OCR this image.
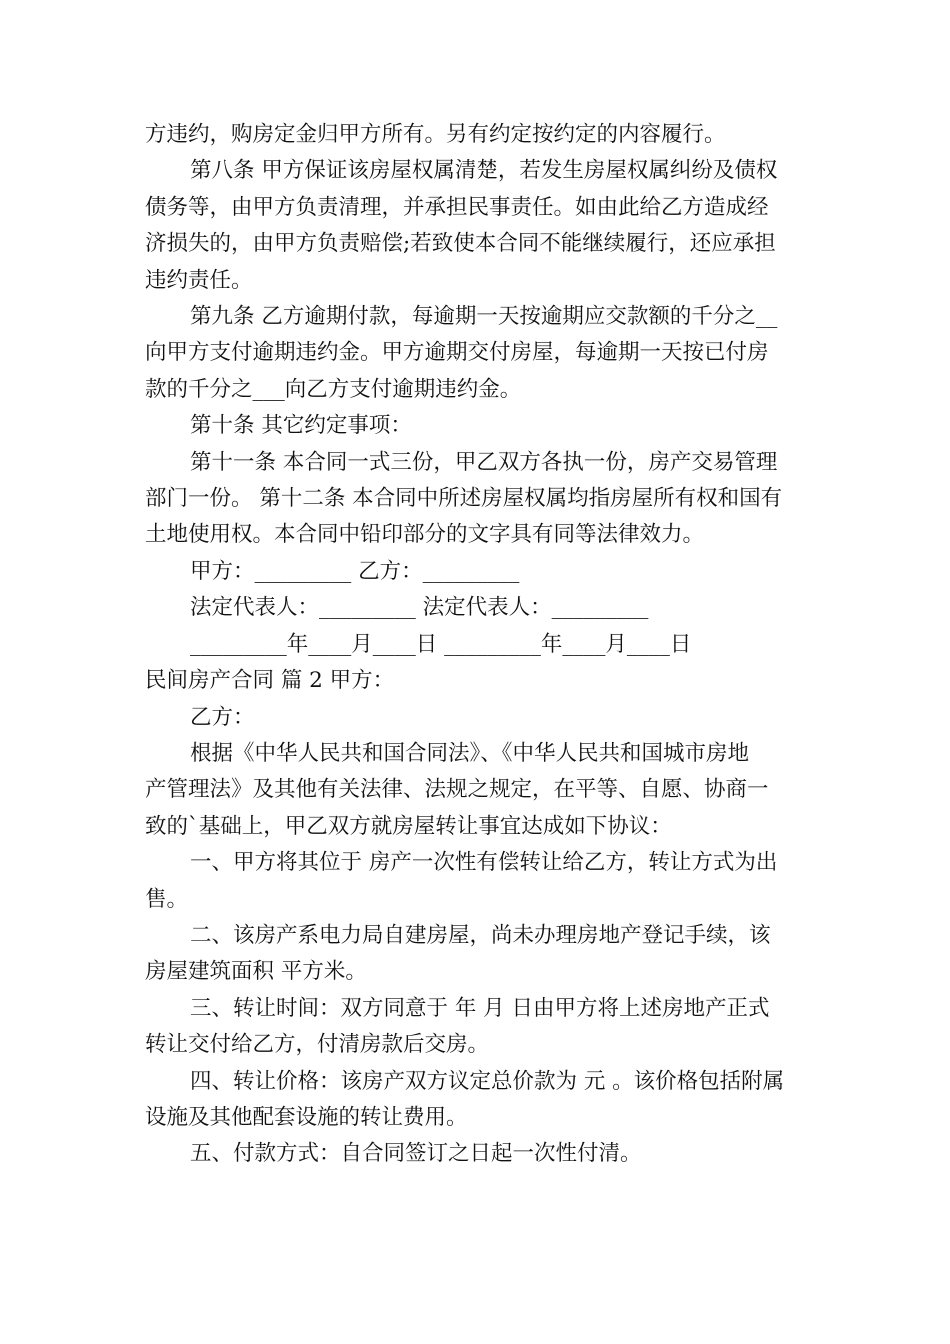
方违约，购房定金归甲方所有。另有约定按约定的内容履行。
第八条 甲方保证该房屋权属清楚，若发生房屋权属纠纷及债权
债务等，由甲方负责清理，并承担民事责任。如由此给乙方造成经
济损失的，由甲方负责赔偿;若致使本合同不能继续履行，还应承担
违约责任。
第九条 乙方逾期付款，每逾期一天按逾期应交款额的千分之__
向甲方支付逾期违约金。甲方逾期交付房屋，每逾期一天按已付房
款的千分之___向乙方支付逾期违约金。
第十条 其它约定事项：
第十一条 本合同一式三份，甲乙双方各执一份，房产交易管理
部门一份。 第十二条 本合同中所述房屋权属均指房屋所有权和国有
土地使用权。本合同中铅印部分的文字具有同等法律效力。
甲方：_________ 乙方：_________
法定代表人：_________ 法定代表人：_________
_________年____月____日 _________年____月____日
民间房产合同 篇 2 甲方：
乙方：
根据《中华人民共和国合同法》、《中华人民共和国城市房地
产管理法》及其他有关法律、法规之规定，在平等、自愿、协商一
致的`基础上，甲乙双方就房屋转让事宜达成如下协议：
一、甲方将其位于 房产一次性有偿转让给乙方，转让方式为出
售。
二、该房产系电力局自建房屋，尚未办理房地产登记手续，该
房屋建筑面积 平方米。
三、转让时间：双方同意于 年 月 日由甲方将上述房地产正式
转让交付给乙方，付清房款后交房。
四、转让价格：该房产双方议定总价款为 元 。该价格包括附属
设施及其他配套设施的转让费用。
五、付款方式：自合同签订之日起一次性付清。
